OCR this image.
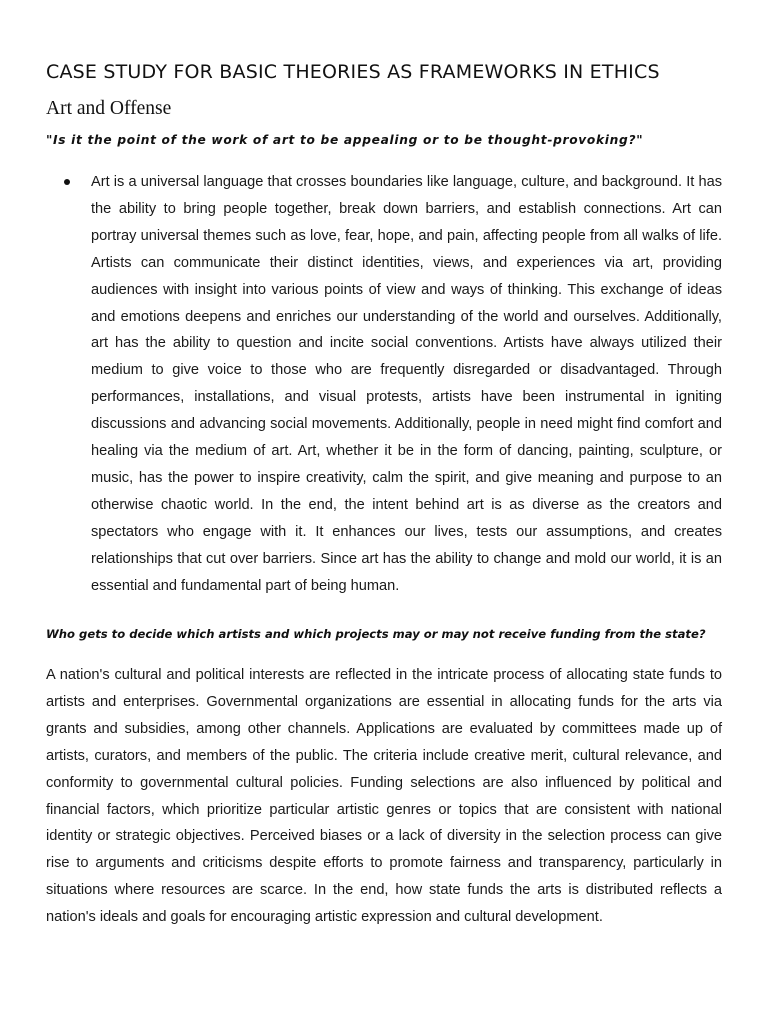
CASE STUDY FOR BASIC THEORIES AS FRAMEWORKS IN ETHICS
Art and Offense
"Is it the point of the work of art to be appealing or to be thought-provoking?"

Art is a universal language that crosses boundaries like language, culture, and background. It has the ability to bring people together, break down barriers, and establish connections. Art can portray universal themes such as love, fear, hope, and pain, affecting people from all walks of life. Artists can communicate their distinct identities, views, and experiences via art, providing audiences with insight into various points of view and ways of thinking. This exchange of ideas and emotions deepens and enriches our understanding of the world and ourselves. Additionally, art has the ability to question and incite social conventions. Artists have always utilized their medium to give voice to those who are frequently disregarded or disadvantaged. Through performances, installations, and visual protests, artists have been instrumental in igniting discussions and advancing social movements. Additionally, people in need might find comfort and healing via the medium of art. Art, whether it be in the form of dancing, painting, sculpture, or music, has the power to inspire creativity, calm the spirit, and give meaning and purpose to an otherwise chaotic world. In the end, the intent behind art is as diverse as the creators and spectators who engage with it. It enhances our lives, tests our assumptions, and creates relationships that cut over barriers. Since art has the ability to change and mold our world, it is an essential and fundamental part of being human.

Who gets to decide which artists and which projects may or may not receive funding from the state?

A nation's cultural and political interests are reflected in the intricate process of allocating state funds to artists and enterprises. Governmental organizations are essential in allocating funds for the arts via grants and subsidies, among other channels. Applications are evaluated by committees made up of artists, curators, and members of the public. The criteria include creative merit, cultural relevance, and conformity to governmental cultural policies. Funding selections are also influenced by political and financial factors, which prioritize particular artistic genres or topics that are consistent with national identity or strategic objectives. Perceived biases or a lack of diversity in the selection process can give rise to arguments and criticisms despite efforts to promote fairness and transparency, particularly in situations where resources are scarce. In the end, how state funds the arts is distributed reflects a nation's ideals and goals for encouraging artistic expression and cultural development.
